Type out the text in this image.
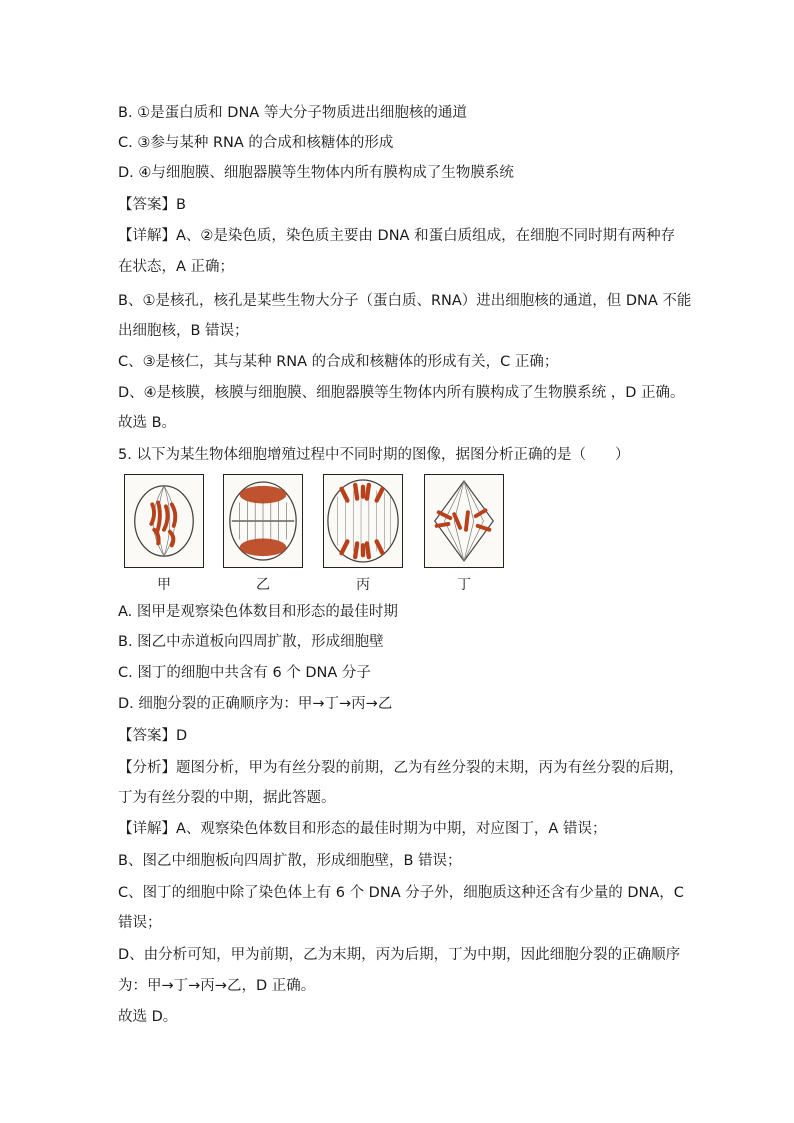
B. ①是蛋白质和 DNA 等大分子物质进出细胞核的通道
C. ③参与某种 RNA 的合成和核糖体的形成
D. ④与细胞膜、细胞器膜等生物体内所有膜构成了生物膜系统
【答案】B
【详解】A、②是染色质，染色质主要由 DNA 和蛋白质组成，在细胞不同时期有两种存
在状态，A 正确；
B、①是核孔，核孔是某些生物大分子（蛋白质、RNA）进出细胞核的通道，但 DNA 不能
出细胞核，B 错误；
C、③是核仁，其与某种 RNA 的合成和核糖体的形成有关，C 正确；
D、④是核膜，核膜与细胞膜、细胞器膜等生物体内所有膜构成了生物膜系统 ，D 正确。
故选 B。
5. 以下为某生物体细胞增殖过程中不同时期的图像，据图分析正确的是（　　）
甲	乙	丙	丁
A. 图甲是观察染色体数目和形态的最佳时期
B. 图乙中赤道板向四周扩散，形成细胞壁
C. 图丁的细胞中共含有 6 个 DNA 分子
D. 细胞分裂的正确顺序为：甲→丁→丙→乙
【答案】D
【分析】题图分析，甲为有丝分裂的前期，乙为有丝分裂的末期，丙为有丝分裂的后期，
丁为有丝分裂的中期，据此答题。
【详解】A、观察染色体数目和形态的最佳时期为中期，对应图丁，A 错误；
B、图乙中细胞板向四周扩散，形成细胞壁，B 错误；
C、图丁的细胞中除了染色体上有 6 个 DNA 分子外，细胞质这种还含有少量的 DNA，C
错误；
D、由分析可知，甲为前期，乙为末期，丙为后期，丁为中期，因此细胞分裂的正确顺序
为：甲→丁→丙→乙，D 正确。
故选 D。
